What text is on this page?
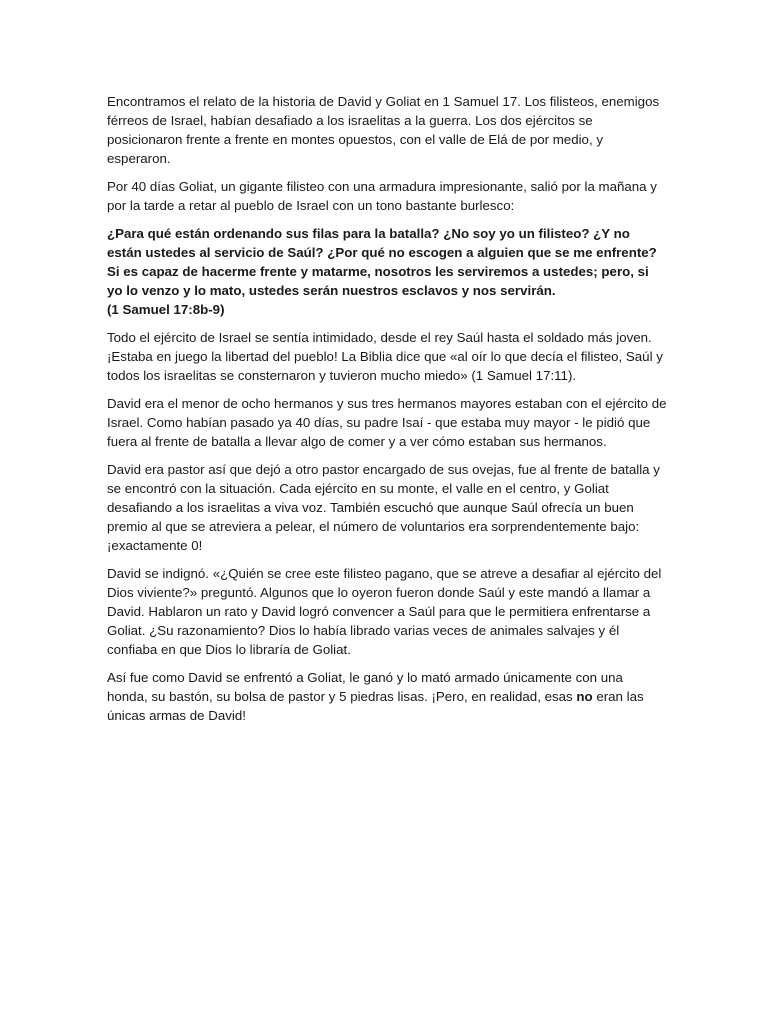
Encontramos el relato de la historia de David y Goliat en 1 Samuel 17. Los filisteos, enemigos férreos de Israel, habían desafiado a los israelitas a la guerra. Los dos ejércitos se posicionaron frente a frente en montes opuestos, con el valle de Elá de por medio, y esperaron.

Por 40 días Goliat, un gigante filisteo con una armadura impresionante, salió por la mañana y por la tarde a retar al pueblo de Israel con un tono bastante burlesco:

¿Para qué están ordenando sus filas para la batalla? ¿No soy yo un filisteo? ¿Y no están ustedes al servicio de Saúl? ¿Por qué no escogen a alguien que se me enfrente? Si es capaz de hacerme frente y matarme, nosotros les serviremos a ustedes; pero, si yo lo venzo y lo mato, ustedes serán nuestros esclavos y nos servirán.
(1 Samuel 17:8b-9)

Todo el ejército de Israel se sentía intimidado, desde el rey Saúl hasta el soldado más joven. ¡Estaba en juego la libertad del pueblo! La Biblia dice que «al oír lo que decía el filisteo, Saúl y todos los israelitas se consternaron y tuvieron mucho miedo» (1 Samuel 17:11).

David era el menor de ocho hermanos y sus tres hermanos mayores estaban con el ejército de Israel. Como habían pasado ya 40 días, su padre Isaí - que estaba muy mayor - le pidió que fuera al frente de batalla a llevar algo de comer y a ver cómo estaban sus hermanos.

David era pastor así que dejó a otro pastor encargado de sus ovejas, fue al frente de batalla y se encontró con la situación. Cada ejército en su monte, el valle en el centro, y Goliat desafiando a los israelitas a viva voz. También escuchó que aunque Saúl ofrecía un buen premio al que se atreviera a pelear, el número de voluntarios era sorprendentemente bajo: ¡exactamente 0!

David se indignó. «¿Quién se cree este filisteo pagano, que se atreve a desafiar al ejército del Dios viviente?» preguntó. Algunos que lo oyeron fueron donde Saúl y este mandó a llamar a David. Hablaron un rato y David logró convencer a Saúl para que le permitiera enfrentarse a Goliat. ¿Su razonamiento? Dios lo había librado varias veces de animales salvajes y él confiaba en que Dios lo libraría de Goliat.

Así fue como David se enfrentó a Goliat, le ganó y lo mató armado únicamente con una honda, su bastón, su bolsa de pastor y 5 piedras lisas. ¡Pero, en realidad, esas no eran las únicas armas de David!
